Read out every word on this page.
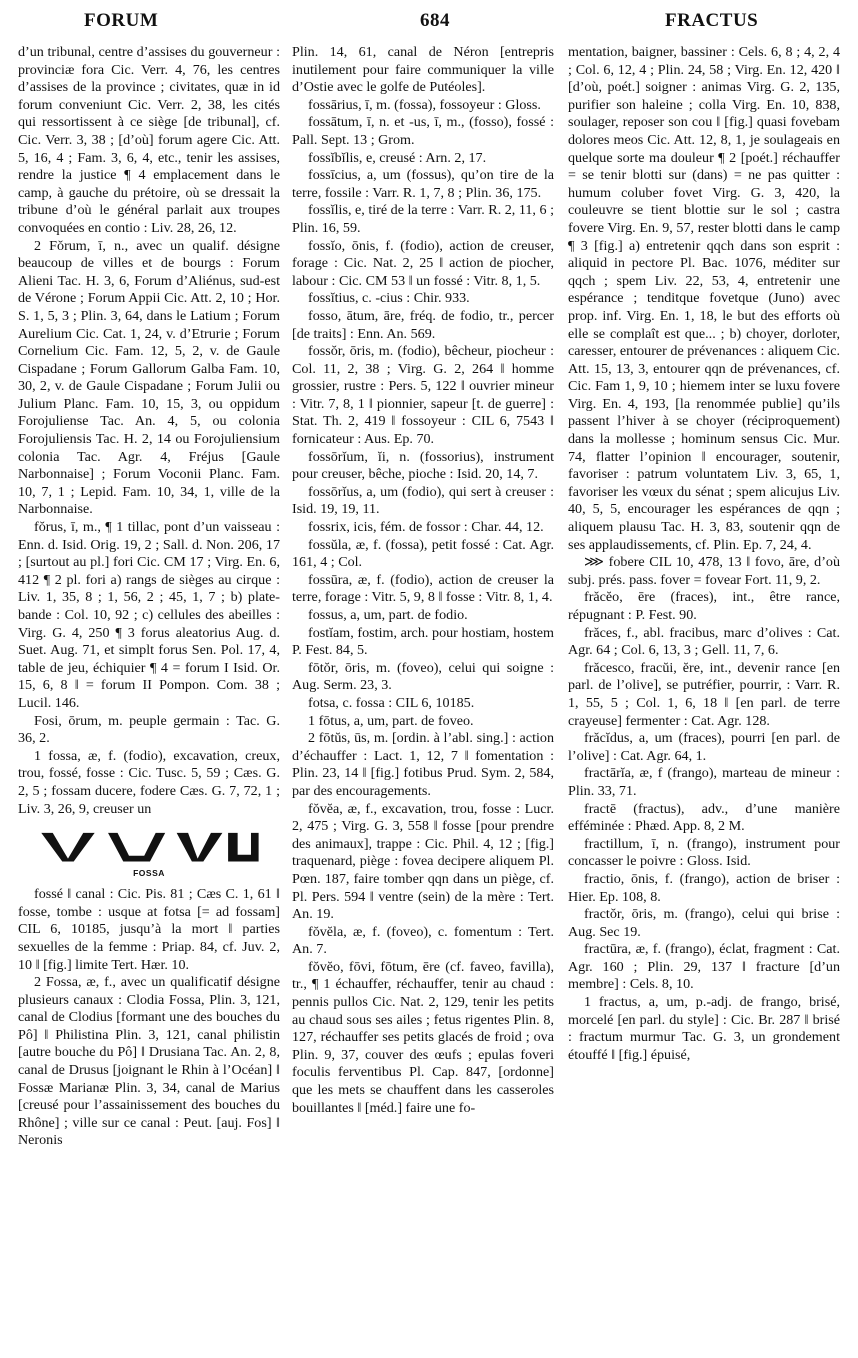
FORUM	684	FRACTUS

d’un tribunal, centre d’assises du gouverneur : provinciæ fora Cic. Verr. 4, 76, les centres d’assises de la province ; civitates, quæ in id forum conveniunt Cic. Verr. 2, 38, les cités qui ressortissent à ce siège [de tribunal], cf. Cic. Verr. 3, 38 ; [d’où] forum agere Cic. Att. 5, 16, 4 ; Fam. 3, 6, 4, etc., tenir les assises, rendre la justice ¶ 4 emplacement dans le camp, à gauche du prétoire, où se dressait la tribune d’où le général parlait aux troupes convoquées en contio : Liv. 28, 26, 12.

2 Fŏrum, ī, n., avec un qualif. désigne beaucoup de villes et de bourgs : Forum Alieni Tac. H. 3, 6, Forum d’Aliénus, sud-est de Vérone ; Forum Appii Cic. Att. 2, 10 ; Hor. S. 1, 5, 3 ; Plin. 3, 64, dans le Latium ; Forum Aurelium Cic. Cat. 1, 24, v. d’Etrurie ; Forum Cornelium Cic. Fam. 12, 5, 2, v. de Gaule Cispadane ; Forum Gallorum Galba Fam. 10, 30, 2, v. de Gaule Cispadane ; Forum Julii ou Julium Planc. Fam. 10, 15, 3, ou oppidum Forojuliense Tac. An. 4, 5, ou colonia Forojuliensis Tac. H. 2, 14 ou Forojuliensium colonia Tac. Agr. 4, Fréjus [Gaule Narbonnaise] ; Forum Voconii Planc. Fam. 10, 7, 1 ; Lepid. Fam. 10, 34, 1, ville de la Narbonnaise.

fŏrus, ī, m., ¶ 1 tillac, pont d’un vaisseau : Enn. d. Isid. Orig. 19, 2 ; Sall. d. Non. 206, 17 ; [surtout au pl.] fori Cic. CM 17 ; Virg. En. 6, 412 ¶ 2 pl. fori a) rangs de sièges au cirque : Liv. 1, 35, 8 ; 1, 56, 2 ; 45, 1, 7 ; b) plate-bande : Col. 10, 92 ; c) cellules des abeilles : Virg. G. 4, 250 ¶ 3 forus aleatorius Aug. d. Suet. Aug. 71, et simplt forus Sen. Pol. 17, 4, table de jeu, échiquier ¶ 4 = forum I Isid. Or. 15, 6, 8 ‖ = forum II Pompon. Com. 38 ; Lucil. 146.

Fosi, ōrum, m. peuple germain : Tac. G. 36, 2.

1 fossa, æ, f. (fodio), excavation, creux, trou, fossé, fosse : Cic. Tusc. 5, 59 ; Cæs. G. 2, 5 ; fossam ducere, fodere Cæs. G. 7, 72, 1 ; Liv. 3, 26, 9, creuser un

FOSSA

fossé ‖ canal : Cic. Pis. 81 ; Cæs C. 1, 61 ‖ fosse, tombe : usque at fotsa [= ad fossam] CIL 6, 10185, jusqu’à la mort ‖ parties sexuelles de la femme : Priap. 84, cf. Juv. 2, 10 ‖ [fig.] limite Tert. Hær. 10.

2 Fossa, æ, f., avec un qualificatif désigne plusieurs canaux : Clodia Fossa, Plin. 3, 121, canal de Clodius [formant une des bouches du Pô] ‖ Philistina Plin. 3, 121, canal philistin [autre bouche du Pô] ‖ Drusiana Tac. An. 2, 8, canal de Drusus [joignant le Rhin à l’Océan] ‖ Fossæ Marianæ Plin. 3, 34, canal de Marius [creusé pour l’assainissement des bouches du Rhône] ; ville sur ce canal : Peut. [auj. Fos] ‖ Neronis

Plin. 14, 61, canal de Néron [entrepris inutilement pour faire communiquer la ville d’Ostie avec le golfe de Putéoles].

fossārius, ī, m. (fossa), fossoyeur : Gloss.

fossātum, ī, n. et -us, ī, m., (fosso), fossé : Pall. Sept. 13 ; Grom.

fossĭbĭlis, e, creusé : Arn. 2, 17.

fossīcius, a, um (fossus), qu’on tire de la terre, fossile : Varr. R. 1, 7, 8 ; Plin. 36, 175.

fossĭlis, e, tiré de la terre : Varr. R. 2, 11, 6 ; Plin. 16, 59.

fossĭo, ōnis, f. (fodio), action de creuser, forage : Cic. Nat. 2, 25 ‖ action de piocher, labour : Cic. CM 53 ‖ un fossé : Vitr. 8, 1, 5.

fossĭtius, c. -cius : Chir. 933.

fosso, ātum, āre, fréq. de fodio, tr., percer [de traits] : Enn. An. 569.

fossŏr, ōris, m. (fodio), bêcheur, piocheur : Col. 11, 2, 38 ; Virg. G. 2, 264 ‖ homme grossier, rustre : Pers. 5, 122 ‖ ouvrier mineur : Vitr. 7, 8, 1 ‖ pionnier, sapeur [t. de guerre] : Stat. Th. 2, 419 ‖ fossoyeur : CIL 6, 7543 ‖ fornicateur : Aus. Ep. 70.

fossōrĭum, ĭi, n. (fossorius), instrument pour creuser, bêche, pioche : Isid. 20, 14, 7.

fossōrĭus, a, um (fodio), qui sert à creuser : Isid. 19, 19, 11.

fossrix, icis, fém. de fossor : Char. 44, 12.

fossŭla, æ, f. (fossa), petit fossé : Cat. Agr. 161, 4 ; Col.

fossūra, æ, f. (fodio), action de creuser la terre, forage : Vitr. 5, 9, 8 ‖ fosse : Vitr. 8, 1, 4.

fossus, a, um, part. de fodio.

fostĭam, fostim, arch. pour hostiam, hostem P. Fest. 84, 5.

fōtŏr, ōris, m. (foveo), celui qui soigne : Aug. Serm. 23, 3.

fotsa, c. fossa : CIL 6, 10185.

1 fōtus, a, um, part. de foveo.

2 fōtŭs, ūs, m. [ordin. à l’abl. sing.] : action d’échauffer : Lact. 1, 12, 7 ‖ fomentation : Plin. 23, 14 ‖ [fig.] fotibus Prud. Sym. 2, 584, par des encouragements.

fŏvĕa, æ, f., excavation, trou, fosse : Lucr. 2, 475 ; Virg. G. 3, 558 ‖ fosse [pour prendre des animaux], trappe : Cic. Phil. 4, 12 ; [fig.] traquenard, piège : fovea decipere aliquem Pl. Pœn. 187, faire tomber qqn dans un piège, cf. Pl. Pers. 594 ‖ ventre (sein) de la mère : Tert. An. 19.

fŏvĕla, æ, f. (foveo), c. fomentum : Tert. An. 7.

fŏvĕo, fōvi, fōtum, ēre (cf. faveo, favilla), tr., ¶ 1 échauffer, réchauffer, tenir au chaud : pennis pullos Cic. Nat. 2, 129, tenir les petits au chaud sous ses ailes ; fetus rigentes Plin. 8, 127, réchauffer ses petits glacés de froid ; ova Plin. 9, 37, couver des œufs ; epulas foveri foculis ferventibus Pl. Cap. 847, [ordonne] que les mets se chauffent dans les casseroles bouillantes ‖ [méd.] faire une fo-

mentation, baigner, bassiner : Cels. 6, 8 ; 4, 2, 4 ; Col. 6, 12, 4 ; Plin. 24, 58 ; Virg. En. 12, 420 ‖ [d’où, poét.] soigner : animas Virg. G. 2, 135, purifier son haleine ; colla Virg. En. 10, 838, soulager, reposer son cou ‖ [fig.] quasi fovebam dolores meos Cic. Att. 12, 8, 1, je soulageais en quelque sorte ma douleur ¶ 2 [poét.] réchauffer = se tenir blotti sur (dans) = ne pas quitter : humum coluber fovet Virg. G. 3, 420, la couleuvre se tient blottie sur le sol ; castra fovere Virg. En. 9, 57, rester blotti dans le camp ¶ 3 [fig.] a) entretenir qqch dans son esprit : aliquid in pectore Pl. Bac. 1076, méditer sur qqch ; spem Liv. 22, 53, 4, entretenir une espérance ; tenditque fovetque (Juno) avec prop. inf. Virg. En. 1, 18, le but des efforts où elle se complaît est que... ; b) choyer, dorloter, caresser, entourer de prévenances : aliquem Cic. Att. 15, 13, 3, entourer qqn de prévenances, cf. Cic. Fam 1, 9, 10 ; hiemem inter se luxu fovere Virg. En. 4, 193, [la renommée publie] qu’ils passent l’hiver à se choyer (réciproquement) dans la mollesse ; hominum sensus Cic. Mur. 74, flatter l’opinion ‖ encourager, soutenir, favoriser : patrum voluntatem Liv. 3, 65, 1, favoriser les vœux du sénat ; spem alicujus Liv. 40, 5, 5, encourager les espérances de qqn ; aliquem plausu Tac. H. 3, 83, soutenir qqn de ses applaudissements, cf. Plin. Ep. 7, 24, 4.

⋙ fobere CIL 10, 478, 13 ‖ fovo, āre, d’où subj. prés. pass. fover = fovear Fort. 11, 9, 2.

frăcĕo, ēre (fraces), int., être rance, répugnant : P. Fest. 90.

frăces, f., abl. fracibus, marc d’olives : Cat. Agr. 64 ; Col. 6, 13, 3 ; Gell. 11, 7, 6.

frăcesco, fracŭi, ĕre, int., devenir rance [en parl. de l’olive], se putréfier, pourrir, : Varr. R. 1, 55, 5 ; Col. 1, 6, 18 ‖ [en parl. de terre crayeuse] fermenter : Cat. Agr. 128.

frăcĭdus, a, um (fraces), pourri [en parl. de l’olive] : Cat. Agr. 64, 1.

fractārĭa, æ, f (frango), marteau de mineur : Plin. 33, 71.

fractē (fractus), adv., d’une manière efféminée : Phæd. App. 8, 2 M.

fractillum, ī, n. (frango), instrument pour concasser le poivre : Gloss. Isid.

fractio, ōnis, f. (frango), action de briser : Hier. Ep. 108, 8.

fractŏr, ōris, m. (frango), celui qui brise : Aug. Sec 19.

fractūra, æ, f. (frango), éclat, fragment : Cat. Agr. 160 ; Plin. 29, 137 ‖ fracture [d’un membre] : Cels. 8, 10.

1 fractus, a, um, p.-adj. de frango, brisé, morcelé [en parl. du style] : Cic. Br. 287 ‖ brisé : fractum murmur Tac. G. 3, un grondement étouffé ‖ [fig.] épuisé,
